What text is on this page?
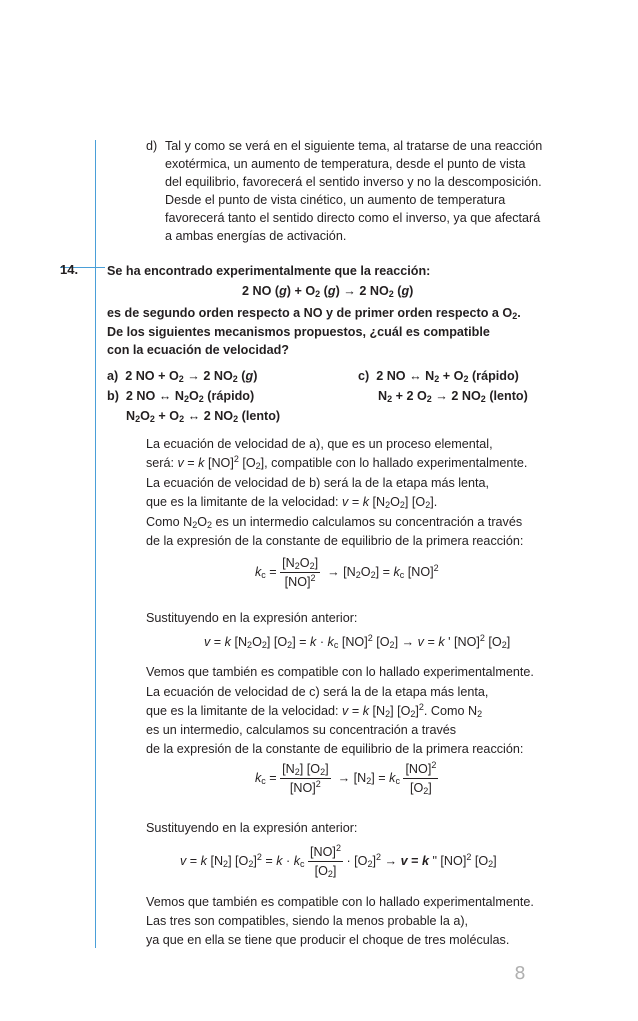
d) Tal y como se verá en el siguiente tema, al tratarse de una reacción
exotérmica, un aumento de temperatura, desde el punto de vista
del equilibrio, favorecerá el sentido inverso y no la descomposición.
Desde el punto de vista cinético, un aumento de temperatura
favorecerá tanto el sentido directo como el inverso, ya que afectará
a ambas energías de activación.
14. Se ha encontrado experimentalmente que la reacción:
2 NO $(g) + O_2$ (g) → 2 $NO_2$ (g)
es de segundo orden respecto a NO y de primer orden respecto a $O_2$.
De los siguientes mecanismos propuestos, ¿cuál es compatible
con la ecuación de velocidad?
a)  2 NO + $O_2 \to 2$ $NO_2$ (g)
b)  2 NO ↔ $N_2O_2$ (rápido)
$N_2O_2 + O_2$ ↔ 2 $NO_2$ (lento)
c)  2 NO ↔ $N_2 + O_2$ (rápido)
$N_2 + 2$ $O_2 \to 2$ $NO_2$ (lento)
La ecuación de velocidad de a), que es un proceso elemental,
será: v = k [NO]$^2$ $[O_2]$, compatible con lo hallado experimentalmente.
La ecuación de velocidad de b) será la de la etapa más lenta,
que es la limitante de la velocidad: v = k $[N_2O_2]$ $[O_2]$.
Como $N_2O_2$ es un intermedio calculamos su concentración a través
de la expresión de la constante de equilibrio de la primera reacción:
$k_c = \frac{[N_2O_2]}{[NO]^2} \to [N_2O_2] = k_c$ [NO]$^2$
Sustituyendo en la expresión anterior:
v = k $[N_2O_2] [O_2] = k \cdot k_c$ [NO]$^2$ $[O_2] \to v = k$ ' [NO]$^2$ $[O_2]$
Vemos que también es compatible con lo hallado experimentalmente.
La ecuación de velocidad de c) será la de la etapa más lenta,
que es la limitante de la velocidad: v = k $[N_2]$ $[O_2]^2$. Como $N_2$
es un intermedio, calculamos su concentración a través
de la expresión de la constante de equilibrio de la primera reacción:
$k_c = \frac{[N_2] [O_2]}{[NO]^2} \to [N_2] = k_c \frac{[NO]^2}{[O_2]}$
Sustituyendo en la expresión anterior:
v = k $[N_2] [O_2]^2 = k \cdot k_c \frac{[NO]^2}{[O_2]} \cdot [O_2]^2 \to v = k$ " [NO]$^2$ $[O_2]$
Vemos que también es compatible con lo hallado experimentalmente.
Las tres son compatibles, siendo la menos probable la a),
ya que en ella se tiene que producir el choque de tres moléculas.
8
